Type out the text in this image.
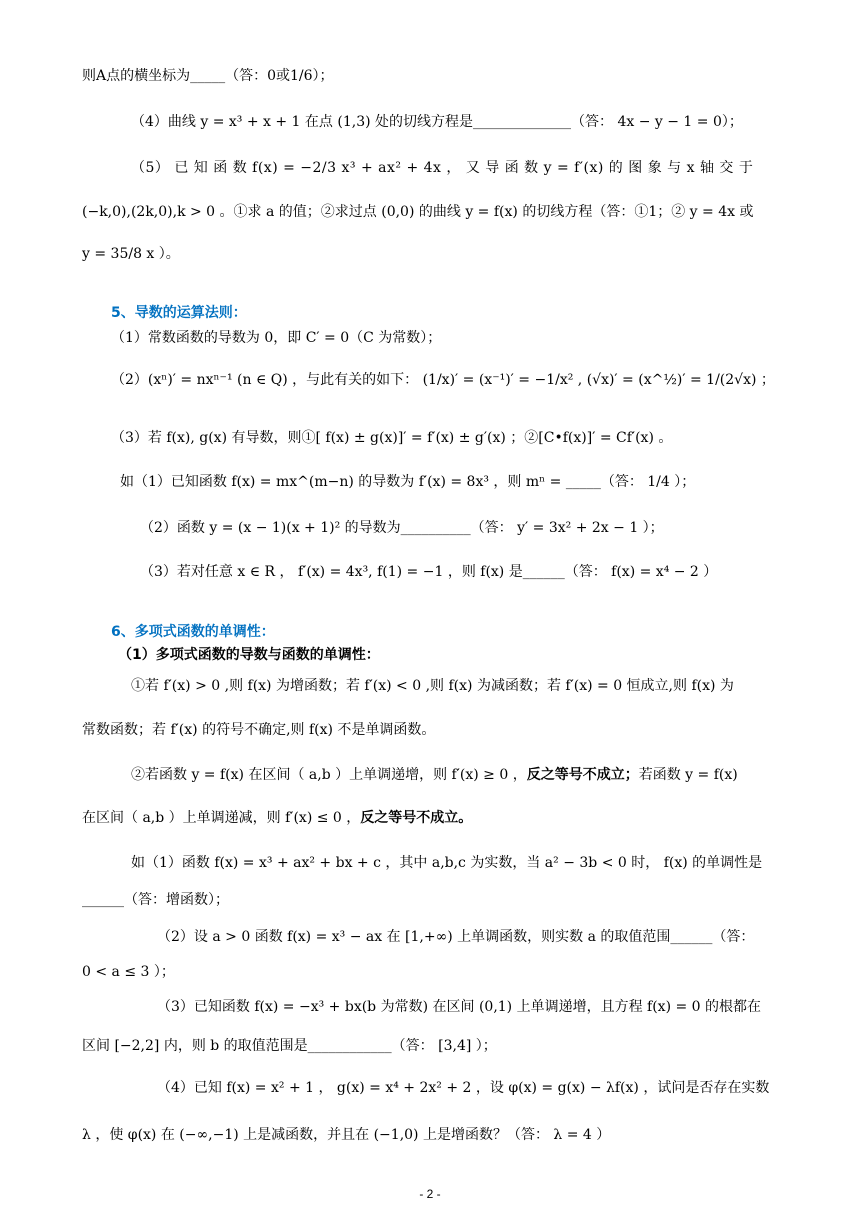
则A点的横坐标为_____（答：0或1/6）；
（4）曲线 y = x³ + x + 1 在点 (1,3) 处的切线方程是______________（答： 4x − y − 1 = 0）；
（5） 已 知 函 数 f(x) = −2/3 x³ + ax² + 4x ， 又 导 函 数 y = f′(x) 的 图 象 与 x 轴 交 于
(−k,0),(2k,0),k > 0 。①求 a 的值；②求过点 (0,0) 的曲线 y = f(x) 的切线方程（答：①1；② y = 4x 或
y = 35/8 x ）。
5、导数的运算法则：
（1）常数函数的导数为 0，即 C′ = 0（C 为常数）；
（2）(xⁿ)′ = nxⁿ⁻¹ (n ∈ Q) ，与此有关的如下： (1/x)′ = (x⁻¹)′ = −1/x² , (√x)′ = (x^½)′ = 1/(2√x) ；
（3）若 f(x), g(x) 有导数，则①[ f(x) ± g(x)]′ = f′(x) ± g′(x) ；②[C•f(x)]′ = Cf′(x) 。
如（1）已知函数 f(x) = mx^(m−n) 的导数为 f′(x) = 8x³ ，则 mⁿ = _____（答： 1/4 ）；
（2）函数 y = (x − 1)(x + 1)² 的导数为__________（答： y′ = 3x² + 2x − 1 ）；
（3）若对任意 x ∈ R ， f′(x) = 4x³, f(1) = −1 ，则 f(x) 是______（答： f(x) = x⁴ − 2 ）
6、多项式函数的单调性：
（1）多项式函数的导数与函数的单调性：
①若 f′(x) > 0 ,则 f(x) 为增函数；若 f′(x) < 0 ,则 f(x) 为减函数；若 f′(x) = 0 恒成立,则 f(x) 为
常数函数；若 f′(x) 的符号不确定,则 f(x) 不是单调函数。
②若函数 y = f(x) 在区间（ a,b ）上单调递增，则 f′(x) ≥ 0 ，反之等号不成立；若函数 y = f(x)
在区间（ a,b ）上单调递减，则 f′(x) ≤ 0 ，反之等号不成立。
如（1）函数 f(x) = x³ + ax² + bx + c ，其中 a,b,c 为实数，当 a² − 3b < 0 时， f(x) 的单调性是
______（答：增函数）；
（2）设 a > 0 函数 f(x) = x³ − ax 在 [1,+∞) 上单调函数，则实数 a 的取值范围______（答：
0 < a ≤ 3 ）；
（3）已知函数 f(x) = −x³ + bx(b 为常数) 在区间 (0,1) 上单调递增，且方程 f(x) = 0 的根都在
区间 [−2,2] 内，则 b 的取值范围是____________（答： [3,4] ）；
（4）已知 f(x) = x² + 1 ， g(x) = x⁴ + 2x² + 2 ，设 φ(x) = g(x) − λf(x) ，试问是否存在实数
λ ，使 φ(x) 在 (−∞,−1) 上是减函数，并且在 (−1,0) 上是增函数？（答： λ = 4 ）
- 2 -
